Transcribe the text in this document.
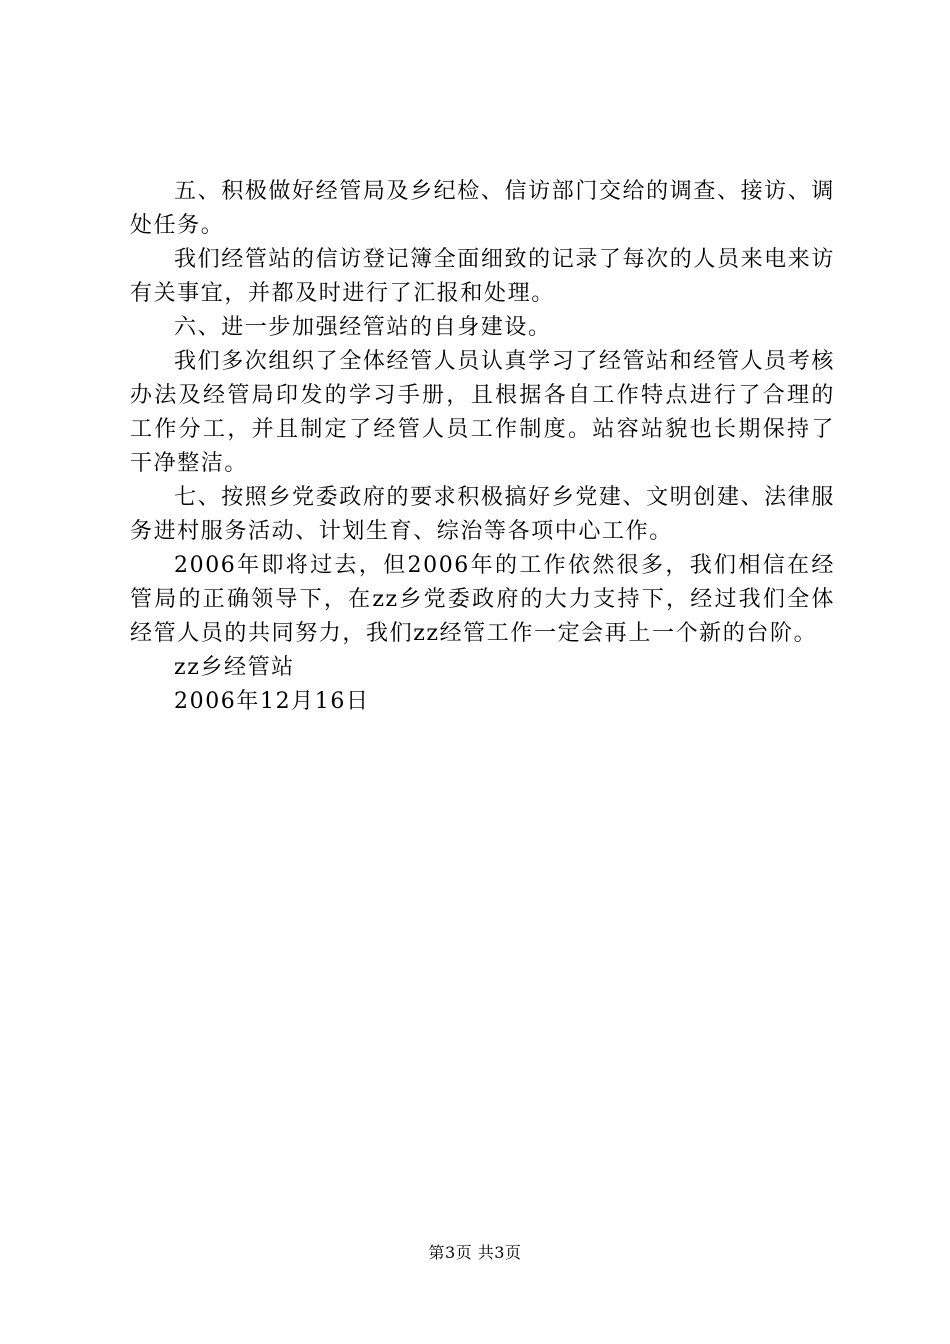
五、积极做好经管局及乡纪检、信访部门交给的调查、接访、调处任务。

我们经管站的信访登记簿全面细致的记录了每次的人员来电来访有关事宜，并都及时进行了汇报和处理。

六、进一步加强经管站的自身建设。

我们多次组织了全体经管人员认真学习了经管站和经管人员考核办法及经管局印发的学习手册，且根据各自工作特点进行了合理的工作分工，并且制定了经管人员工作制度。站容站貌也长期保持了干净整洁。

七、按照乡党委政府的要求积极搞好乡党建、文明创建、法律服务进村服务活动、计划生育、综治等各项中心工作。

2006年即将过去，但2006年的工作依然很多，我们相信在经管局的正确领导下，在zz乡党委政府的大力支持下，经过我们全体经管人员的共同努力，我们zz经管工作一定会再上一个新的台阶。

zz乡经管站

2006年12月16日

第3页 共3页
